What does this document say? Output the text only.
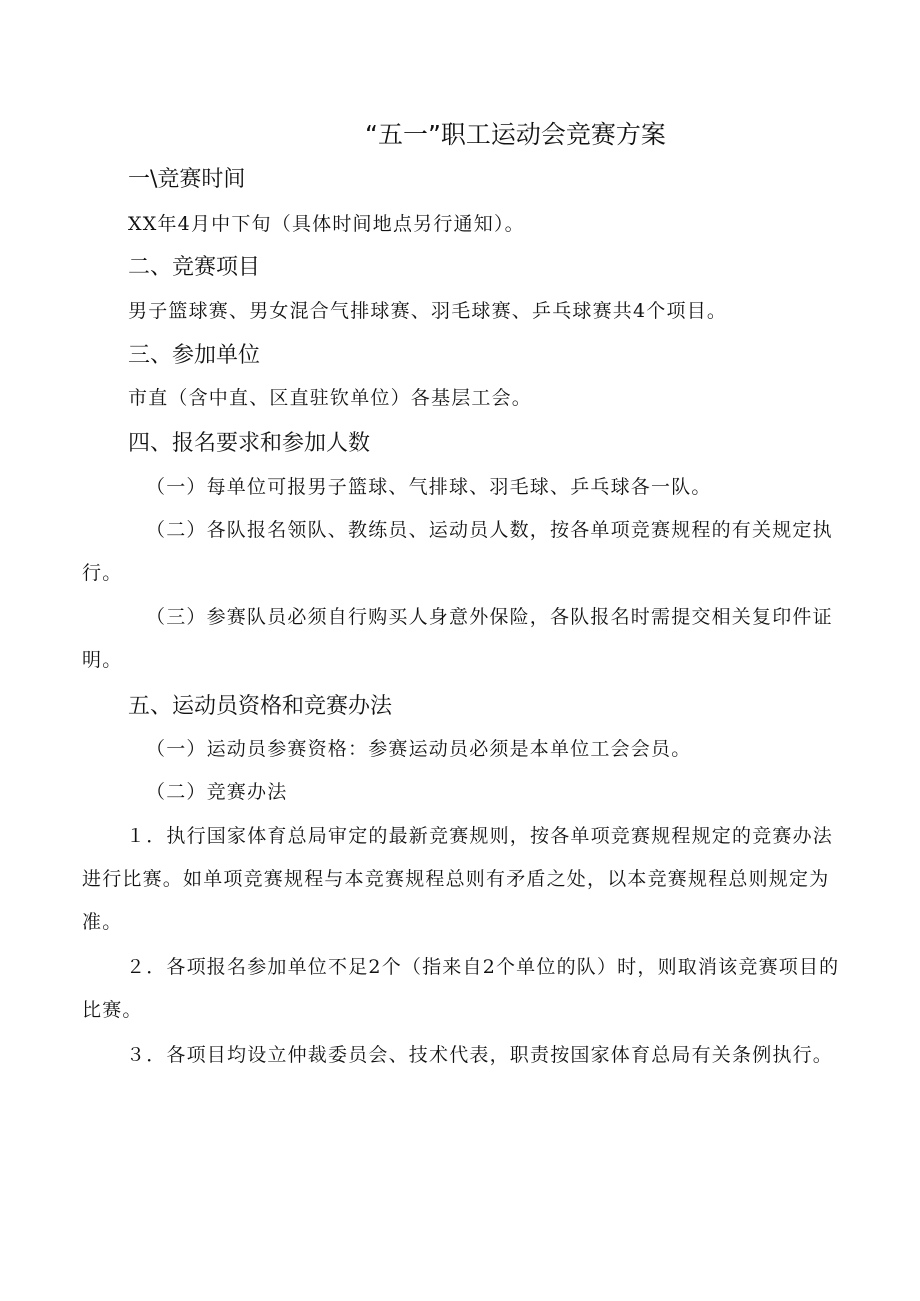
“五一”职工运动会竞赛方案
一\竞赛时间
XX年4月中下旬（具体时间地点另行通知）。
二、竞赛项目
男子篮球赛、男女混合气排球赛、羽毛球赛、乒乓球赛共4个项目。
三、参加单位
市直（含中直、区直驻钦单位）各基层工会。
四、报名要求和参加人数
（一）每单位可报男子篮球、气排球、羽毛球、乒乓球各一队。
（二）各队报名领队、教练员、运动员人数，按各单项竞赛规程的有关规定执行。
（三）参赛队员必须自行购买人身意外保险，各队报名时需提交相关复印件证明。
五、运动员资格和竞赛办法
（一）运动员参赛资格：参赛运动员必须是本单位工会会员。
（二）竞赛办法
１．执行国家体育总局审定的最新竞赛规则，按各单项竞赛规程规定的竞赛办法进行比赛。如单项竞赛规程与本竞赛规程总则有矛盾之处，以本竞赛规程总则规定为准。
２．各项报名参加单位不足2个（指来自2个单位的队）时，则取消该竞赛项目的比赛。
３．各项目均设立仲裁委员会、技术代表，职责按国家体育总局有关条例执行。
